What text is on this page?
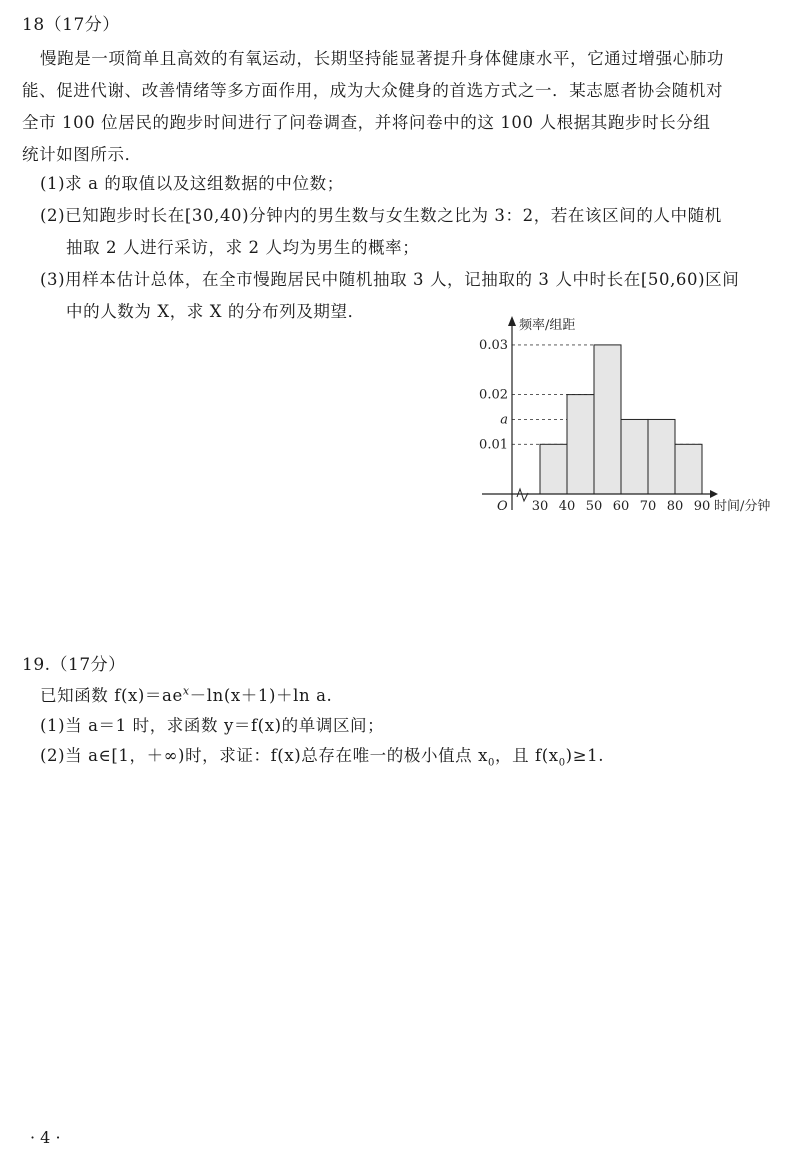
18（17分）
慢跑是一项简单且高效的有氧运动，长期坚持能显著提升身体健康水平，它通过增强心肺功
能、促进代谢、改善情绪等多方面作用，成为大众健身的首选方式之一．某志愿者协会随机对
全市 100 位居民的跑步时间进行了问卷调查，并将问卷中的这 100 人根据其跑步时长分组
统计如图所示．
(1)求 a 的取值以及这组数据的中位数；
(2)已知跑步时长在[30,40)分钟内的男生数与女生数之比为 3：2，若在该区间的人中随机
抽取 2 人进行采访，求 2 人均为男生的概率；
(3)用样本估计总体，在全市慢跑居民中随机抽取 3 人，记抽取的 3 人中时长在[50,60)区间
中的人数为 X，求 X 的分布列及期望．
频率/组距
时间/分钟
O
0.01
a
0.02
0.03
30 40 50 60 70 80 90
19.（17分）
已知函数 $f(x)=ae^x-\ln(x+1)+\ln$ a.
(1)当 a＝1 时，求函数 y＝f(x)的单调区间；
(2)当 a∈[1，＋∞)时，求证：f(x)总存在唯一的极小值点 $x_0$，且 $f(x_0)\ge 1$.
· 4 ·
